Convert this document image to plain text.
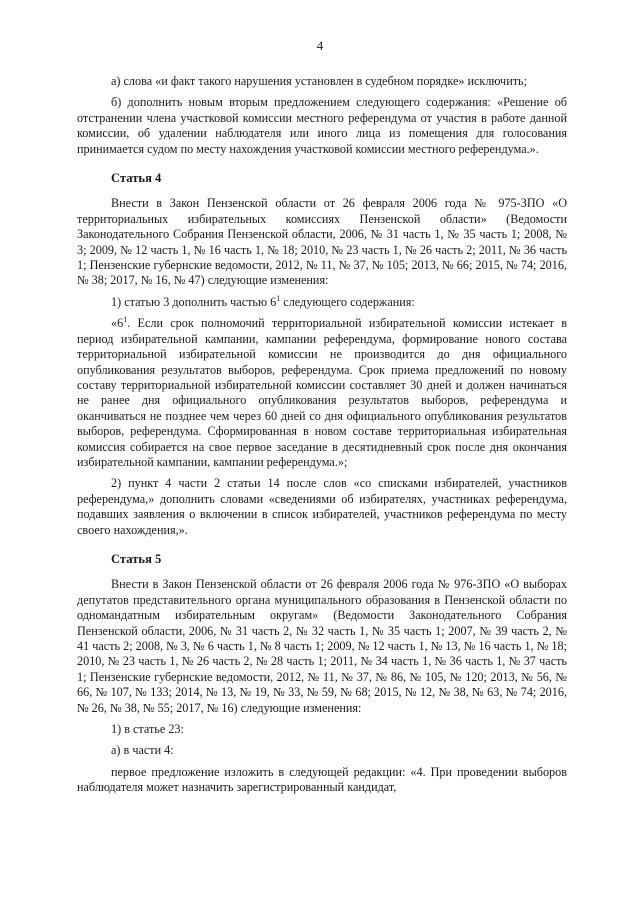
4

а) слова «и факт такого нарушения установлен в судебном порядке» исключить;

б) дополнить новым вторым предложением следующего содержания: «Решение об отстранении члена участковой комиссии местного референдума от участия в работе данной комиссии, об удалении наблюдателя или иного лица из помещения для голосования принимается судом по месту нахождения участковой комиссии местного референдума.».

Статья 4

Внести в Закон Пензенской области от 26 февраля 2006 года № 975-ЗПО «О территориальных избирательных комиссиях Пензенской области» (Ведомости Законодательного Собрания Пензенской области, 2006, № 31 часть 1, № 35 часть 1; 2008, № 3; 2009, № 12 часть 1, № 16 часть 1, № 18; 2010, № 23 часть 1, № 26 часть 2; 2011, № 36 часть 1; Пензенские губернские ведомости, 2012, № 11, № 37, № 105; 2013, № 66; 2015, № 74; 2016, № 38; 2017, № 16, № 47) следующие изменения:

1) статью 3 дополнить частью $6^1$ следующего содержания:

«$6^1$. Если срок полномочий территориальной избирательной комиссии истекает в период избирательной кампании, кампании референдума, формирование нового состава территориальной избирательной комиссии не производится до дня официального опубликования результатов выборов, референдума. Срок приема предложений по новому составу территориальной избирательной комиссии составляет 30 дней и должен начинаться не ранее дня официального опубликования результатов выборов, референдума и оканчиваться не позднее чем через 60 дней со дня официального опубликования результатов выборов, референдума. Сформированная в новом составе территориальная избирательная комиссия собирается на свое первое заседание в десятидневный срок после дня окончания избирательной кампании, кампании референдума.»;

2) пункт 4 части 2 статьи 14 после слов «со списками избирателей, участников референдума,» дополнить словами «сведениями об избирателях, участниках референдума, подавших заявления о включении в список избирателей, участников референдума по месту своего нахождения,».

Статья 5

Внести в Закон Пензенской области от 26 февраля 2006 года № 976-ЗПО «О выборах депутатов представительного органа муниципального образования в Пензенской области по одномандатным избирательным округам» (Ведомости Законодательного Собрания Пензенской области, 2006, № 31 часть 2, № 32 часть 1, № 35 часть 1; 2007, № 39 часть 2, № 41 часть 2; 2008, № 3, № 6 часть 1, № 8 часть 1; 2009, № 12 часть 1, № 13, № 16 часть 1, № 18; 2010, № 23 часть 1, № 26 часть 2, № 28 часть 1; 2011, № 34 часть 1, № 36 часть 1, № 37 часть 1; Пензенские губернские ведомости, 2012, № 11, № 37, № 86, № 105, № 120; 2013, № 56, № 66, № 107, № 133; 2014, № 13, № 19, № 33, № 59, № 68; 2015, № 12, № 38, № 63, № 74; 2016, № 26, № 38, № 55; 2017, № 16) следующие изменения:

1) в статье 23:

а) в части 4:

первое предложение изложить в следующей редакции: «4. При проведении выборов наблюдателя может назначить зарегистрированный кандидат,
